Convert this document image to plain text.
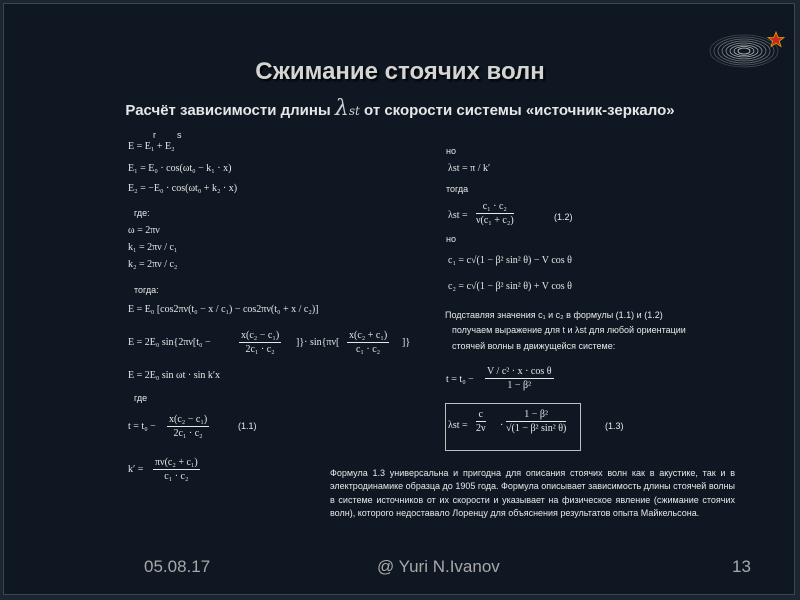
Сжимание стоячих волн
Расчёт зависимости длины λst от скорости системы «источник-зеркало»
r s
E = E₁ + E₂
E₁ = E₀ · cos(ωt₀ − k₁ · x)
E₂ = −E₀ · cos(ωt₀ + k₂ · x)
где:
ω = 2πν
k₁ = 2πν / c₁
k₂ = 2πν / c₂
тогда:
E = E₀ [cos2πν(t₀ − x / c₁) − cos2πν(t₀ + x / c₂)]
E = 2E₀ sin{2πν[t₀ −	$\frac{\text{x(c₂ − c₁)}}{\text{2c₁ · c₂}}$ ]}· $\sin\{\pi\nu[ \frac{\text{x(c₂ + c₁)}}{\text{c₁ · c₂}}$ ]}
E = 2E₀ sin ωt · sin k′x
где
$t = t_0 - \frac{\text{x(c₂ − c₁)}}{\text{2c₁ · c₂}}$	(1.1)
$k' = \frac{\text{πν(c₂ + c₁)}}{\text{c₁ · c₂}}$
но
λst = π / k′
тогда
$\lambda st = \frac{\text{c₁ · c₂}}{\text{ν(c₁ + c₂)}}$	(1.2)
но
c₁ = c√(1 − β² sin² θ) − V cos θ
c₂ = c√(1 − β² sin² θ) + V cos θ
Подставляя значения c₁ и c₂ в формулы (1.1) и (1.2)
получаем выражение для t и λst для любой ориентации
стоячей волны в движущейся системе:
$t = t_0 - \frac{\text{V / c² · x · cos θ}}{\text{1 − β²}}$
$\lambda st = \frac{c}{2\nu} \cdot \frac{\text{1 − β²}}{\text{√(1 − β² sin² θ)}}$	(1.3)
Формула 1.3 универсальна и пригодна для описания стоячих волн как в акустике, так и в электродинамике образца до 1905 года. Формула описывает зависимость длины стоячей волны в системе источников от их скорости и указывает на физическое явление (сжимание стоячих волн), которого недоставало Лоренцу для объяснения результатов опыта Майкельсона.
05.08.17	@ Yuri N.Ivanov	13
